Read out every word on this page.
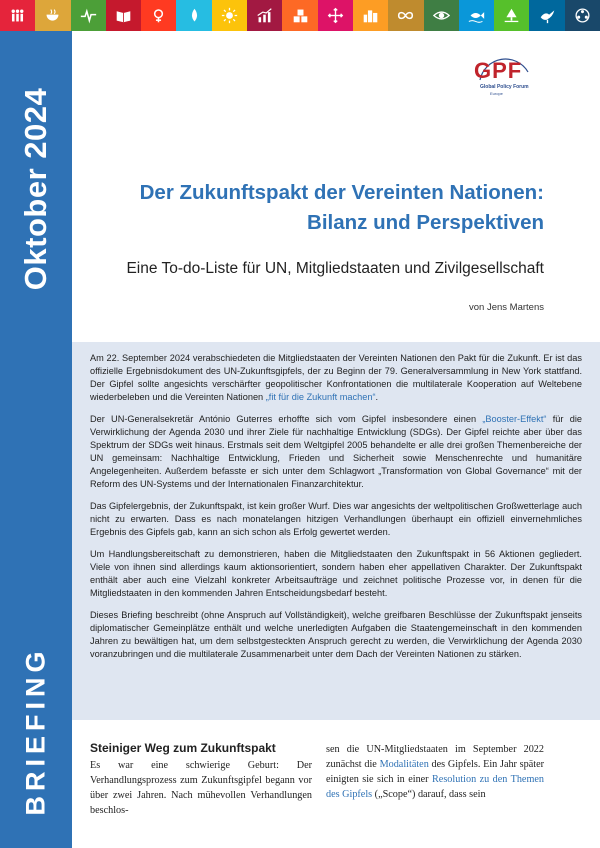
Oktober 2024
BRIEFING
GPF
Global Policy Forum
Europe
Der Zukunftspakt der Vereinten Nationen:
Bilanz und Perspektiven
Eine To-do-Liste für UN, Mitgliedstaaten und Zivilgesellschaft
von Jens Martens

Am 22. September 2024 verabschiedeten die Mitgliedstaaten der Vereinten Nationen den Pakt für die Zukunft. Er ist das offizielle Ergebnisdokument des UN-Zukunftsgipfels, der zu Beginn der 79. Generalversammlung in New York stattfand. Der Gipfel sollte angesichts verschärfter geopolitischer Konfrontationen die multilaterale Kooperation auf Weltebene wiederbeleben und die Vereinten Nationen „fit für die Zukunft machen“.

Der UN-Generalsekretär António Guterres erhoffte sich vom Gipfel insbesondere einen „Booster-Effekt“ für die Verwirklichung der Agenda 2030 und ihrer Ziele für nachhaltige Entwicklung (SDGs). Der Gipfel reichte aber über das Spektrum der SDGs weit hinaus. Erstmals seit dem Weltgipfel 2005 behandelte er alle drei großen Themenbereiche der UN gemeinsam: Nachhaltige Entwicklung, Frieden und Sicherheit sowie Menschenrechte und humanitäre Angelegenheiten. Außerdem befasste er sich unter dem Schlagwort „Transformation von Global Governance“ mit der Reform des UN-Systems und der Internationalen Finanzarchitektur.

Das Gipfelergebnis, der Zukunftspakt, ist kein großer Wurf. Dies war angesichts der weltpolitischen Großwetterlage auch nicht zu erwarten. Dass es nach monatelangen hitzigen Verhandlungen überhaupt ein offiziell einvernehmliches Ergebnis des Gipfels gab, kann an sich schon als Erfolg gewertet werden.

Um Handlungsbereitschaft zu demonstrieren, haben die Mitgliedstaaten den Zukunftspakt in 56 Aktionen gegliedert. Viele von ihnen sind allerdings kaum aktionsorientiert, sondern haben eher appellativen Charakter. Der Zukunftspakt enthält aber auch eine Vielzahl konkreter Arbeitsaufträge und zeichnet politische Prozesse vor, in denen für die Mitgliedstaaten in den kommenden Jahren Entscheidungsbedarf besteht.

Dieses Briefing beschreibt (ohne Anspruch auf Vollständigkeit), welche greifbaren Beschlüsse der Zukunftspakt jenseits diplomatischer Gemeinplätze enthält und welche unerledigten Aufgaben die Staatengemeinschaft in den kommenden Jahren zu bewältigen hat, um dem selbstgesteckten Anspruch gerecht zu werden, die Verwirklichung der Agenda 2030 voranzubringen und die multilaterale Zusammenarbeit unter dem Dach der Vereinten Nationen zu stärken.

Steiniger Weg zum Zukunftspakt
Es war eine schwierige Geburt: Der Verhandlungsprozess zum Zukunftsgipfel begann vor über zwei Jahren. Nach mühevollen Verhandlungen beschlos-
sen die UN-Mitgliedstaaten im September 2022 zunächst die Modalitäten des Gipfels. Ein Jahr später einigten sie sich in einer Resolution zu den Themen des Gipfels („Scope“) darauf, dass sein
